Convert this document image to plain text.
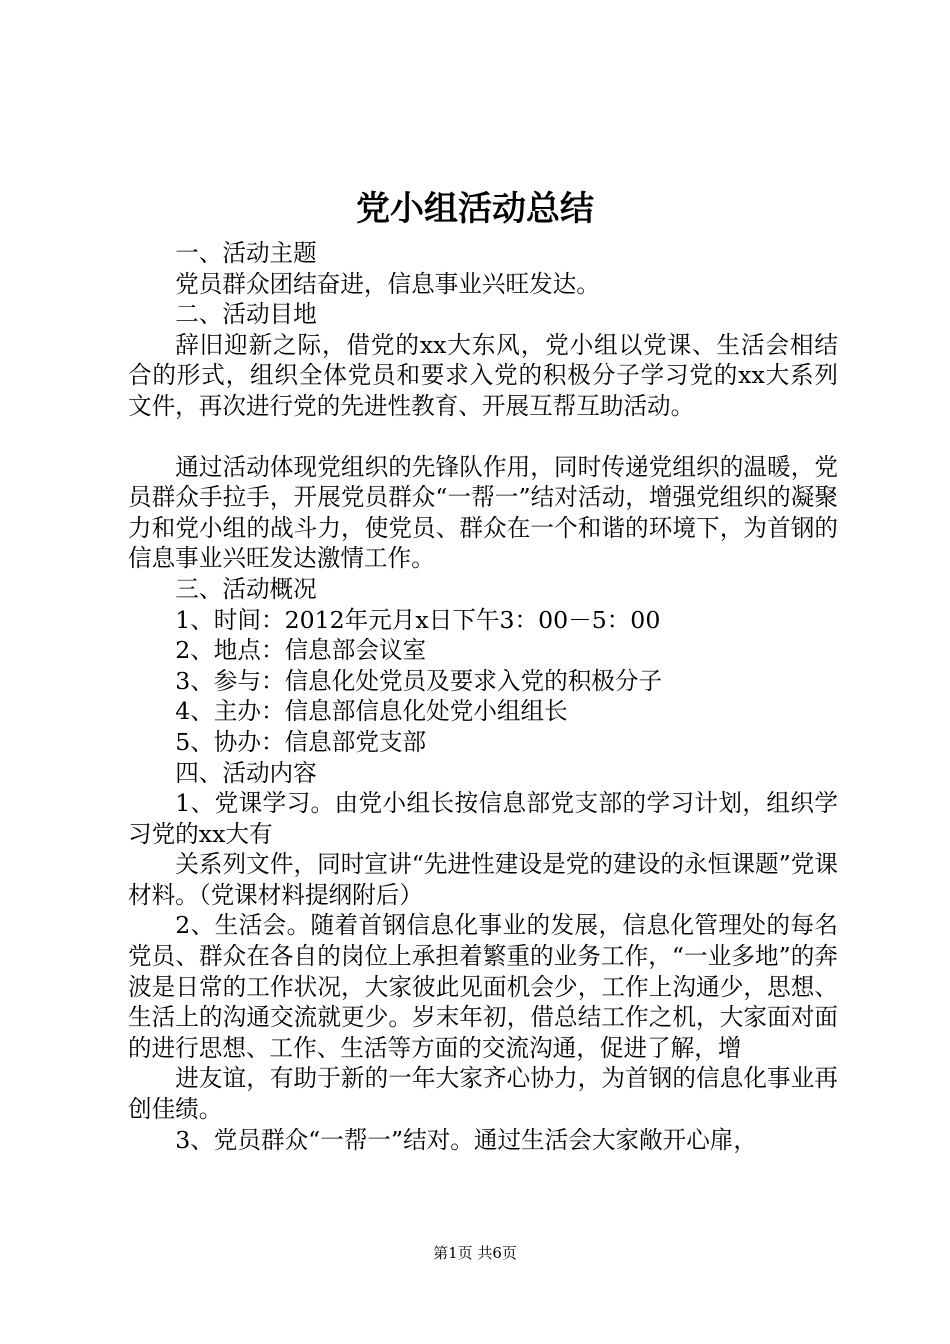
党小组活动总结

一、活动主题

党员群众团结奋进，信息事业兴旺发达。

二、活动目地

辞旧迎新之际，借党的xx大东风，党小组以党课、生活会相结合的形式，组织全体党员和要求入党的积极分子学习党的xx大系列文件，再次进行党的先进性教育、开展互帮互助活动。

通过活动体现党组织的先锋队作用，同时传递党组织的温暖，党员群众手拉手，开展党员群众“一帮一”结对活动，增强党组织的凝聚力和党小组的战斗力，使党员、群众在一个和谐的环境下，为首钢的信息事业兴旺发达激情工作。

三、活动概况

1、时间：2012年元月x日下午3：00－5：00

2、地点：信息部会议室

3、参与：信息化处党员及要求入党的积极分子

4、主办：信息部信息化处党小组组长

5、协办：信息部党支部

四、活动内容

1、党课学习。由党小组长按信息部党支部的学习计划，组织学习党的xx大有

关系列文件，同时宣讲“先进性建设是党的建设的永恒课题”党课材料。（党课材料提纲附后）

2、生活会。随着首钢信息化事业的发展，信息化管理处的每名党员、群众在各自的岗位上承担着繁重的业务工作，“一业多地”的奔波是日常的工作状况，大家彼此见面机会少，工作上沟通少，思想、生活上的沟通交流就更少。岁末年初，借总结工作之机，大家面对面的进行思想、工作、生活等方面的交流沟通，促进了解，增

进友谊，有助于新的一年大家齐心协力，为首钢的信息化事业再创佳绩。

3、党员群众“一帮一”结对。通过生活会大家敞开心扉，

第1页 共6页
